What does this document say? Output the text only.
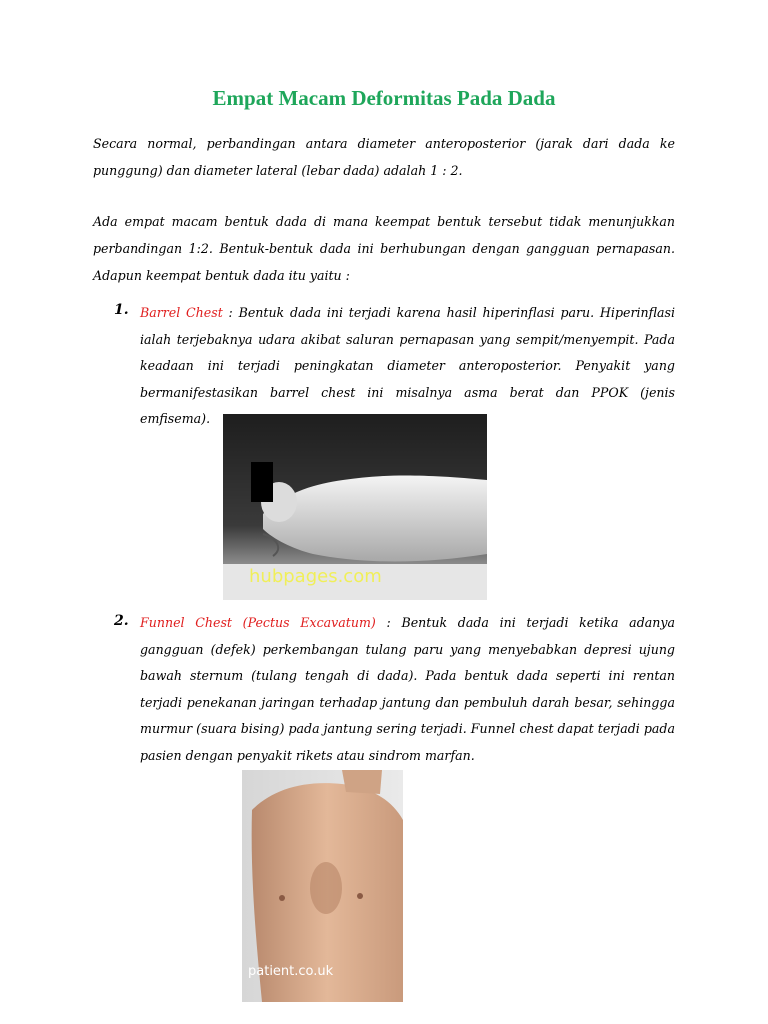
Empat Macam Deformitas Pada Dada

Secara normal, perbandingan antara diameter anteroposterior (jarak dari dada ke punggung) dan diameter lateral (lebar dada) adalah 1 : 2.

Ada empat macam bentuk dada di mana keempat bentuk tersebut tidak menunjukkan perbandingan 1:2. Bentuk-bentuk dada ini berhubungan dengan gangguan pernapasan. Adapun keempat bentuk dada itu yaitu :

1. Barrel Chest : Bentuk dada ini terjadi karena hasil hiperinflasi paru. Hiperinflasi ialah terjebaknya udara akibat saluran pernapasan yang sempit/menyempit. Pada keadaan ini terjadi peningkatan diameter anteroposterior. Penyakit yang bermanifestasikan barrel chest ini misalnya asma berat dan PPOK (jenis emfisema).

hubpages.com
2. Funnel Chest (Pectus Excavatum) : Bentuk dada ini terjadi ketika adanya gangguan (defek) perkembangan tulang paru yang menyebabkan depresi ujung bawah sternum (tulang tengah di dada). Pada bentuk dada seperti ini rentan terjadi penekanan jaringan terhadap jantung dan pembuluh darah besar, sehingga murmur (suara bising) pada jantung sering terjadi. Funnel chest dapat terjadi pada pasien dengan penyakit rikets atau sindrom marfan.

patient.co.uk
